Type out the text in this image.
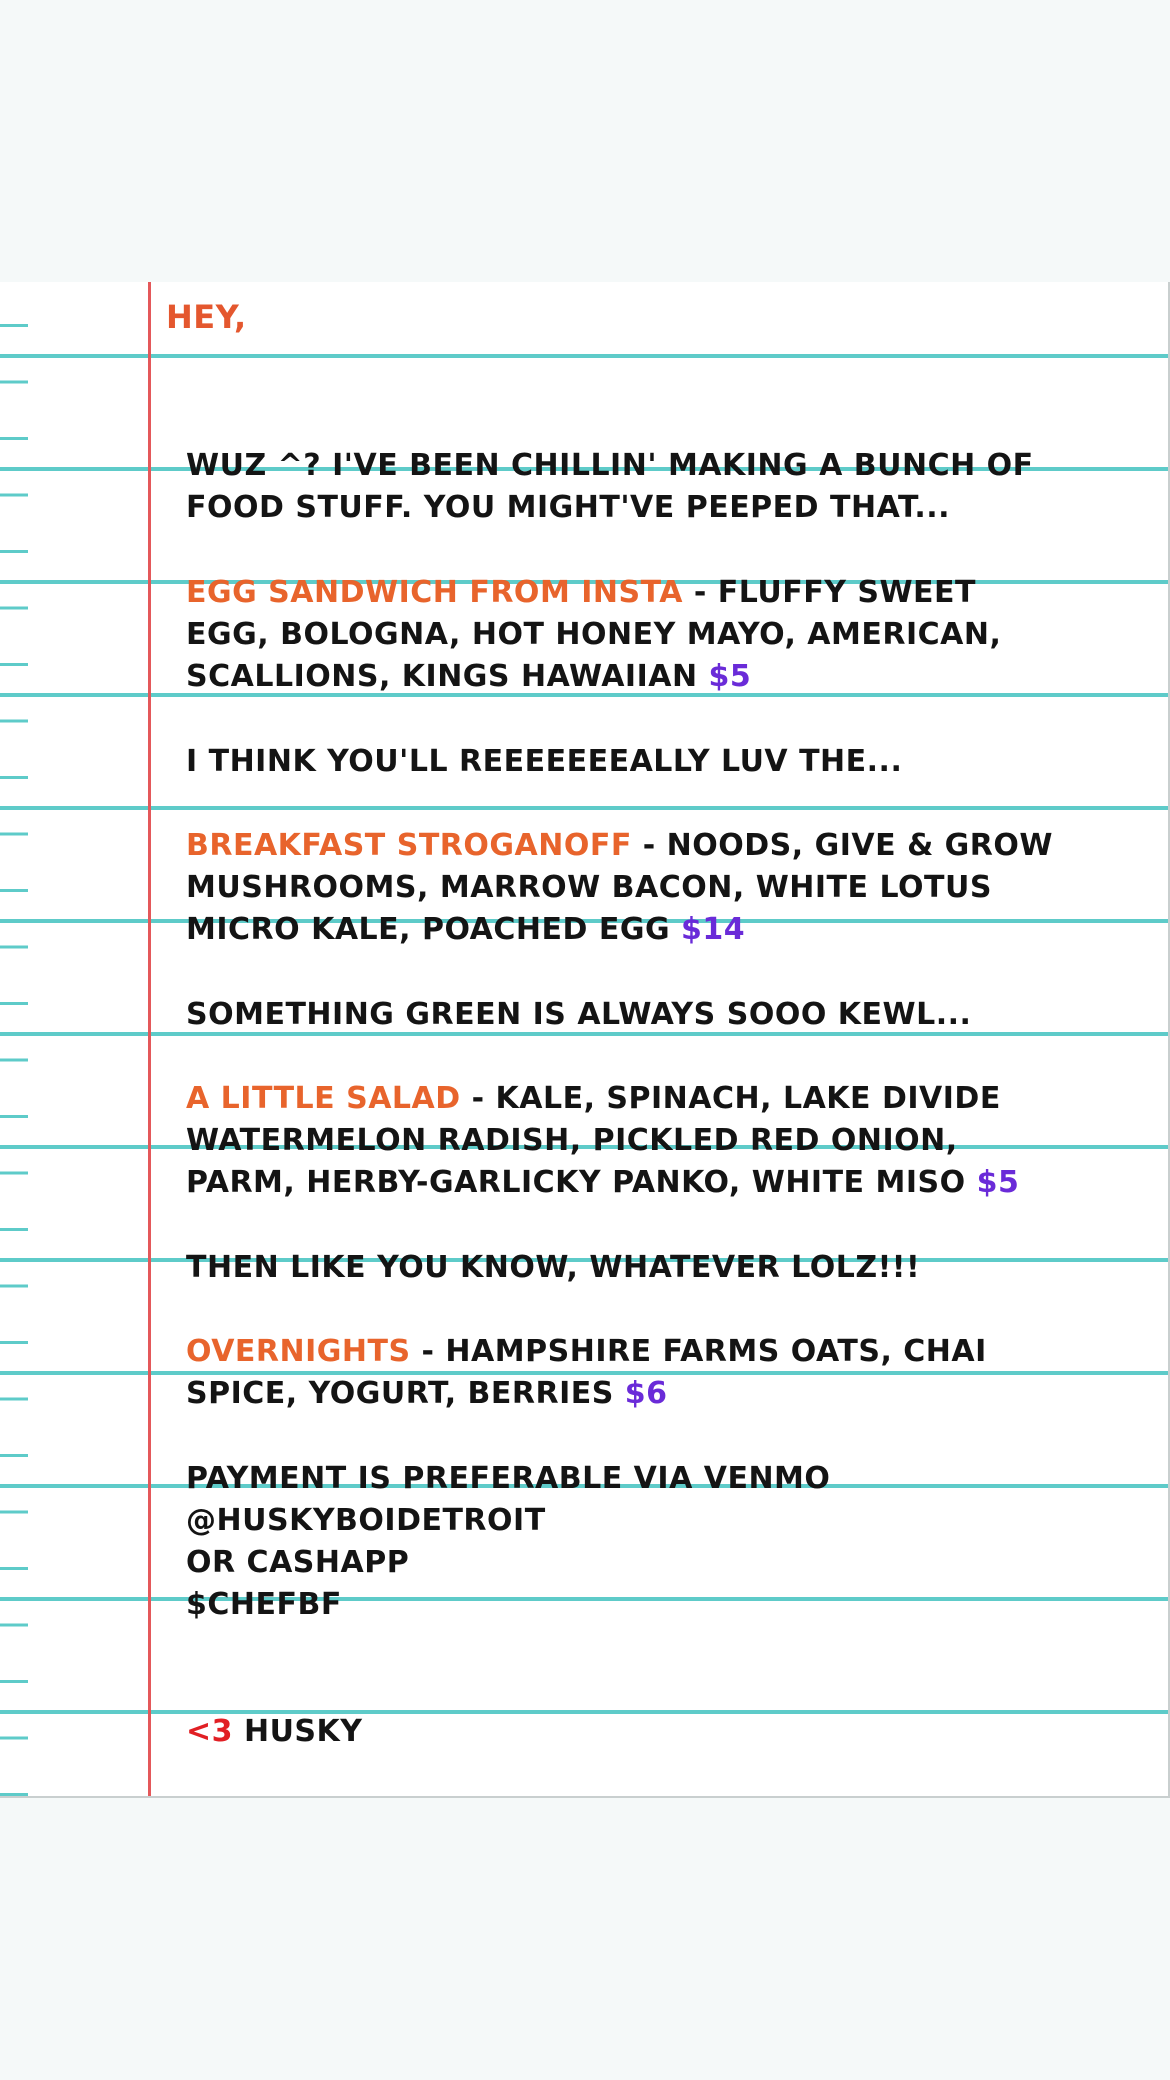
HEY,
WUZ ^? I'VE BEEN CHILLIN' MAKING A BUNCH OF
FOOD STUFF. YOU MIGHT'VE PEEPED THAT...
EGG SANDWICH FROM INSTA - FLUFFY SWEET
EGG, BOLOGNA, HOT HONEY MAYO, AMERICAN,
SCALLIONS, KINGS HAWAIIAN $5
I THINK YOU'LL REEEEEEEALLY LUV THE...
BREAKFAST STROGANOFF - NOODS, GIVE & GROW
MUSHROOMS, MARROW BACON, WHITE LOTUS
MICRO KALE, POACHED EGG $14
SOMETHING GREEN IS ALWAYS SOOO KEWL...
A LITTLE SALAD - KALE, SPINACH, LAKE DIVIDE
WATERMELON RADISH, PICKLED RED ONION,
PARM, HERBY-GARLICKY PANKO, WHITE MISO $5
THEN LIKE YOU KNOW, WHATEVER LOLZ!!!
OVERNIGHTS - HAMPSHIRE FARMS OATS, CHAI
SPICE, YOGURT, BERRIES $6
PAYMENT IS PREFERABLE VIA VENMO
@HUSKYBOIDETROIT
OR CASHAPP
$CHEFBF
<3 HUSKY
